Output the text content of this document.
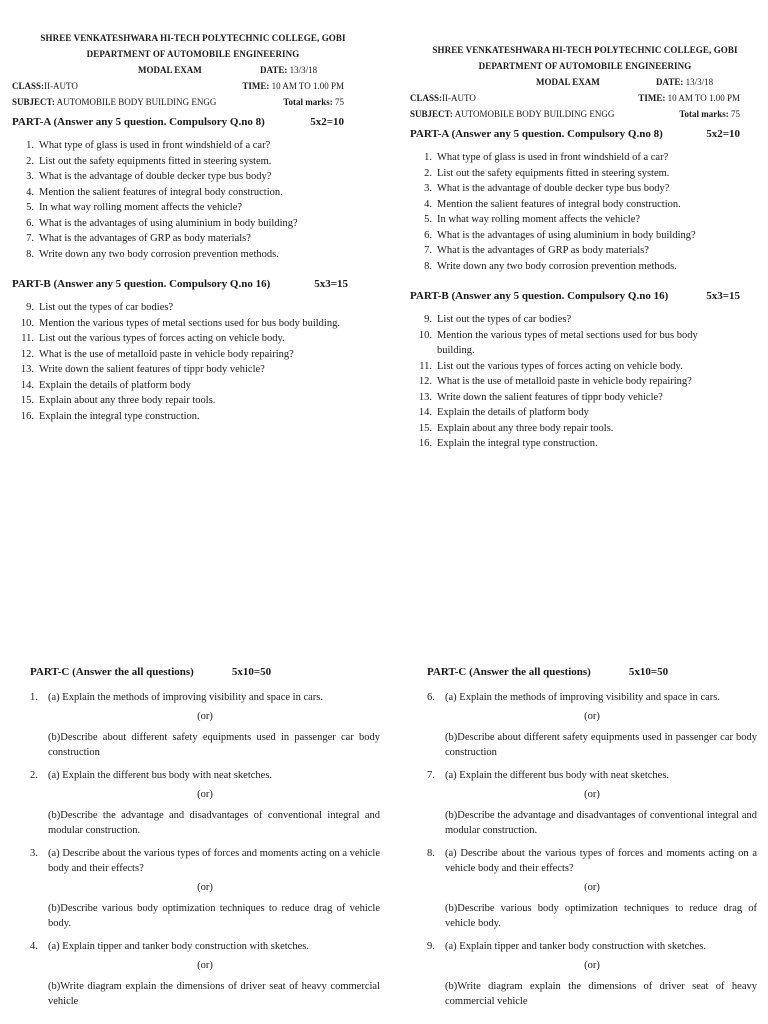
SHREE VENKATESHWARA HI-TECH POLYTECHNIC COLLEGE, GOBI
DEPARTMENT OF AUTOMOBILE ENGINEERING
MODAL EXAM	DATE: 13/3/18
CLASS:II-AUTO	TIME: 10 AM TO 1.00 PM
SUBJECT: AUTOMOBILE BODY BUILDING ENGG	Total marks: 75
PART-A (Answer any 5 question. Compulsory Q.no 8)	5x2=10
1. What type of glass is used in front windshield of a car?
2. List out the safety equipments fitted in steering system.
3. What is the advantage of double decker type bus body?
4. Mention the salient features of integral body construction.
5. In what way rolling moment affects the vehicle?
6. What is the advantages of using aluminium in body building?
7. What is the advantages of GRP as body materials?
8. Write down any two body corrosion prevention methods.
PART-B (Answer any 5 question. Compulsory Q.no 16)	5x3=15
9. List out the types of car bodies?
10. Mention the various types of metal sections used for bus body building.
11. List out the various types of forces acting on vehicle body.
12. What is the use of metalloid paste in vehicle body repairing?
13. Write down the salient features of tippr body vehicle?
14. Explain the details of platform body
15. Explain about any three body repair tools.
16. Explain the integral type construction.
SHREE VENKATESHWARA HI-TECH POLYTECHNIC COLLEGE, GOBI
DEPARTMENT OF AUTOMOBILE ENGINEERING
MODAL EXAM	DATE: 13/3/18
CLASS:II-AUTO	TIME: 10 AM TO 1.00 PM
SUBJECT: AUTOMOBILE BODY BUILDING ENGG	Total marks: 75
PART-A (Answer any 5 question. Compulsory Q.no 8)	5x2=10
1. What type of glass is used in front windshield of a car?
2. List out the safety equipments fitted in steering system.
3. What is the advantage of double decker type bus body?
4. Mention the salient features of integral body construction.
5. In what way rolling moment affects the vehicle?
6. What is the advantages of using aluminium in body building?
7. What is the advantages of GRP as body materials?
8. Write down any two body corrosion prevention methods.
PART-B (Answer any 5 question. Compulsory Q.no 16)	5x3=15
9. List out the types of car bodies?
10. Mention the various types of metal sections used for bus body building.
11. List out the various types of forces acting on vehicle body.
12. What is the use of metalloid paste in vehicle body repairing?
13. Write down the salient features of tippr body vehicle?
14. Explain the details of platform body
15. Explain about any three body repair tools.
16. Explain the integral type construction.
PART-C (Answer the all questions)	5x10=50
1. (a) Explain the methods of improving visibility and space in cars.
(or)
(b)Describe about different safety equipments used in passenger car body construction
2. (a) Explain the different bus body with neat sketches.
(or)
(b)Describe the advantage and disadvantages of conventional integral and modular construction.
3. (a) Describe about the various types of forces and moments acting on a vehicle body and their effects?
(or)
(b)Describe various body optimization techniques to reduce drag of vehicle body.
4. (a) Explain tipper and tanker body construction with sketches.
(or)
(b)Write diagram explain the dimensions of driver seat of heavy commercial vehicle
PART-C (Answer the all questions)	5x10=50
6. (a) Explain the methods of improving visibility and space in cars.
(or)
(b)Describe about different safety equipments used in passenger car body construction
7. (a) Explain the different bus body with neat sketches.
(or)
(b)Describe the advantage and disadvantages of conventional integral and modular construction.
8. (a) Describe about the various types of forces and moments acting on a vehicle body and their effects?
(or)
(b)Describe various body optimization techniques to reduce drag of vehicle body.
9. (a) Explain tipper and tanker body construction with sketches.
(or)
(b)Write diagram explain the dimensions of driver seat of heavy commercial vehicle
